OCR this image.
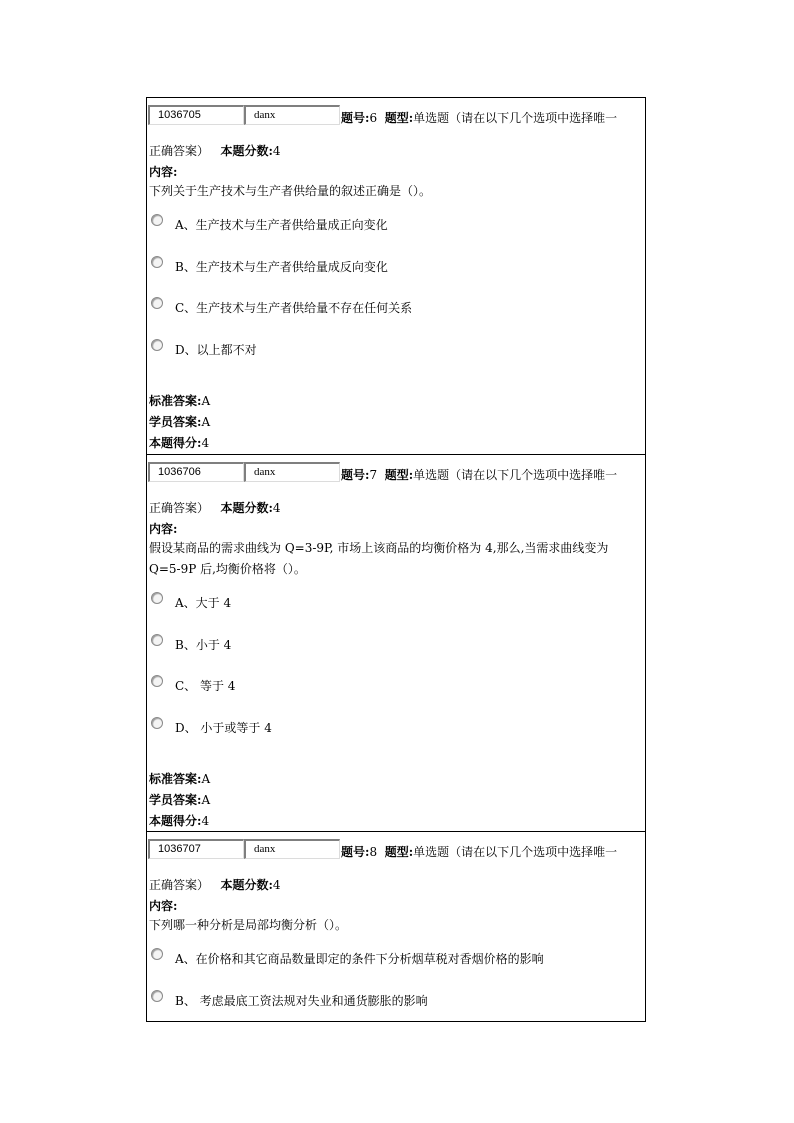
1036705	danx	题号:6 题型:单选题（请在以下几个选项中选择唯一
正确答案） 本题分数:4
内容:
下列关于生产技术与生产者供给量的叙述正确是（）。
A、生产技术与生产者供给量成正向变化
B、生产技术与生产者供给量成反向变化
C、生产技术与生产者供给量不存在任何关系
D、以上都不对
标准答案:A
学员答案:A
本题得分:4
1036706	danx	题号:7 题型:单选题（请在以下几个选项中选择唯一
正确答案） 本题分数:4
内容:
假设某商品的需求曲线为 Q=3-9P, 市场上该商品的均衡价格为 4,那么,当需求曲线变为 Q=5-9P 后,均衡价格将（）。
A、大于 4
B、小于 4
C、 等于 4
D、 小于或等于 4
标准答案:A
学员答案:A
本题得分:4
1036707	danx	题号:8 题型:单选题（请在以下几个选项中选择唯一
正确答案） 本题分数:4
内容:
下列哪一种分析是局部均衡分析（）。
A、在价格和其它商品数量即定的条件下分析烟草税对香烟价格的影响
B、 考虑最底工资法规对失业和通货膨胀的影响
